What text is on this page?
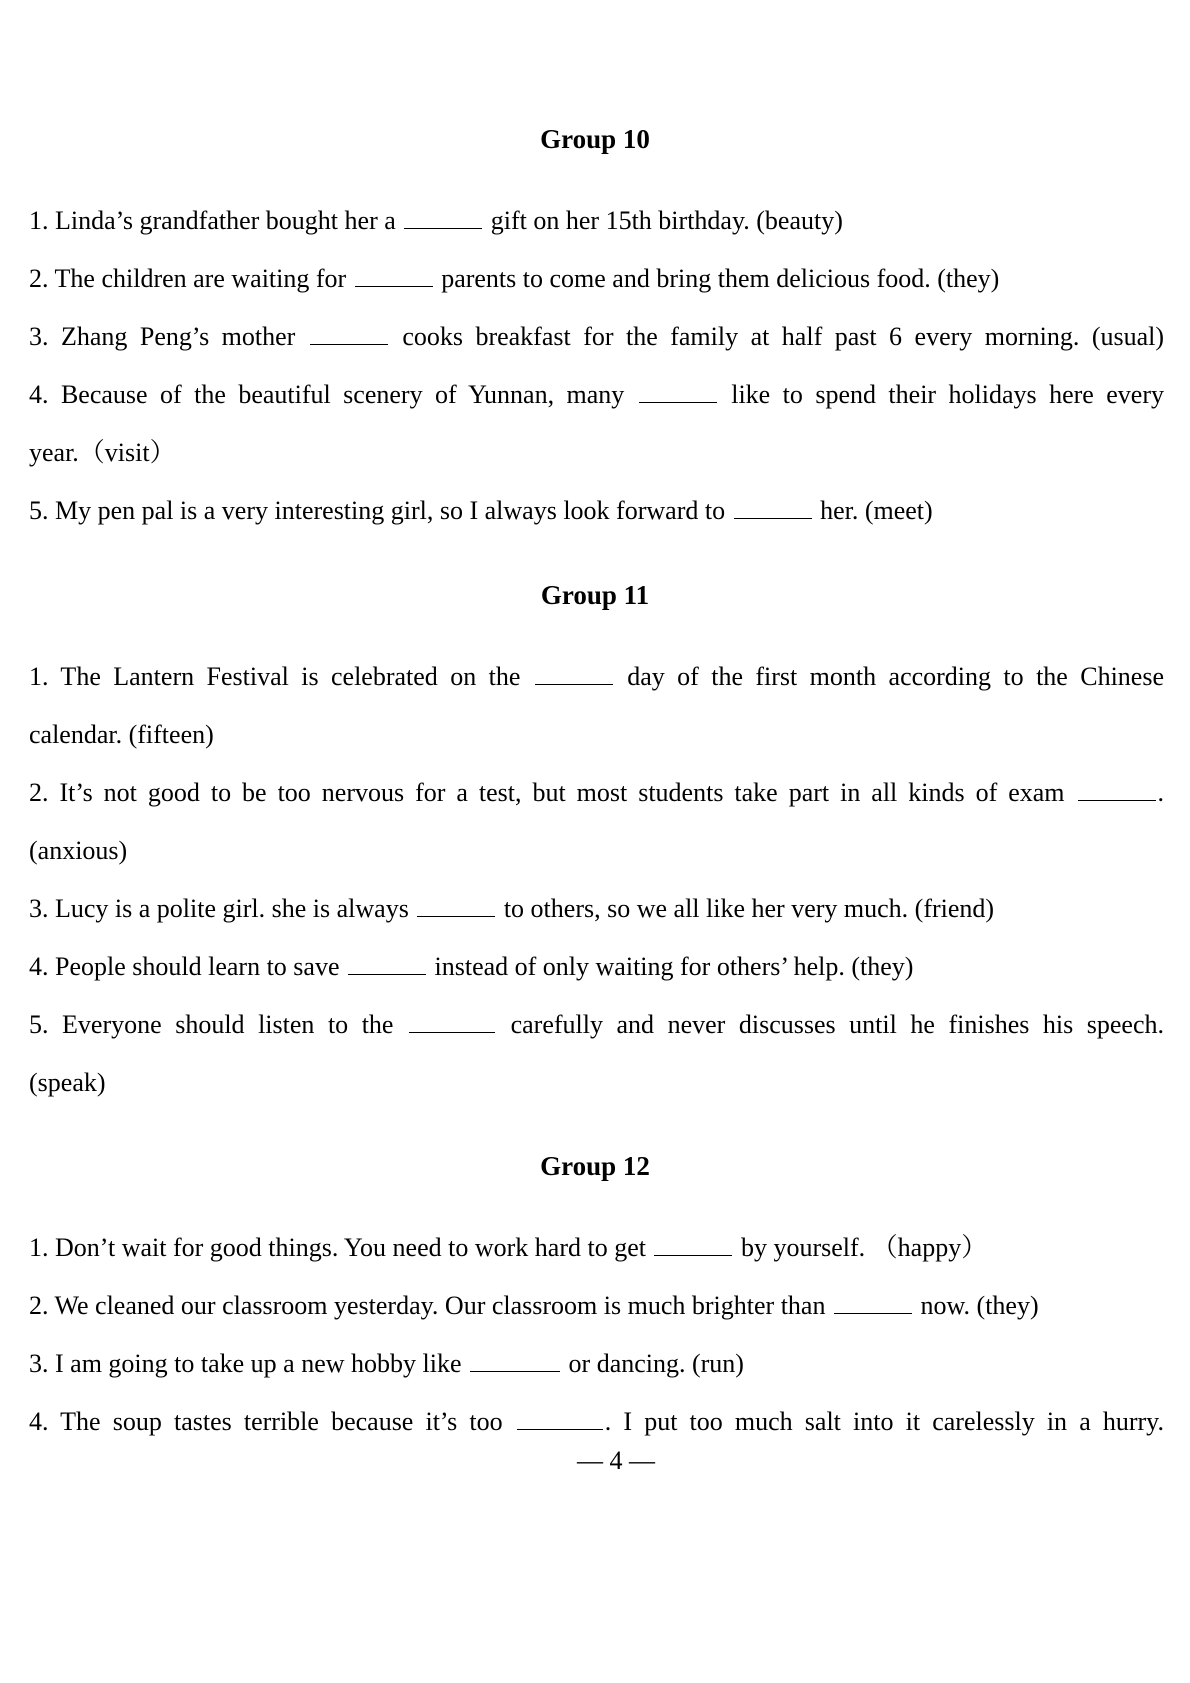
Group 10
1. Linda’s grandfather bought her a	gift on her 15th birthday. (beauty)
2. The children are waiting for	parents to come and bring them delicious food. (they)
3. Zhang Peng’s mother	cooks breakfast for the family at half past 6 every morning. (usual)
4. Because of the beautiful scenery of Yunnan, many	like to spend their holidays here every
year.（visit）
5. My pen pal is a very interesting girl, so I always look forward to	her. (meet)
Group 11
1. The Lantern Festival is celebrated on the	day of the first month according to the Chinese
calendar. (fifteen)
2. It’s not good to be too nervous for a test, but most students take part in all kinds of exam	.
(anxious)
3. Lucy is a polite girl. she is always	to others, so we all like her very much. (friend)
4. People should learn to save	instead of only waiting for others’ help. (they)
5. Everyone should listen to the	carefully and never discusses until he finishes his speech.
(speak)
Group 12
1. Don’t wait for good things. You need to work hard to get	by yourself. （happy）
2. We cleaned our classroom yesterday. Our classroom is much brighter than	now. (they)
3. I am going to take up a new hobby like	or dancing. (run)
4. The soup tastes terrible because it’s too	. I put too much salt into it carelessly in a hurry.
— 4 —
